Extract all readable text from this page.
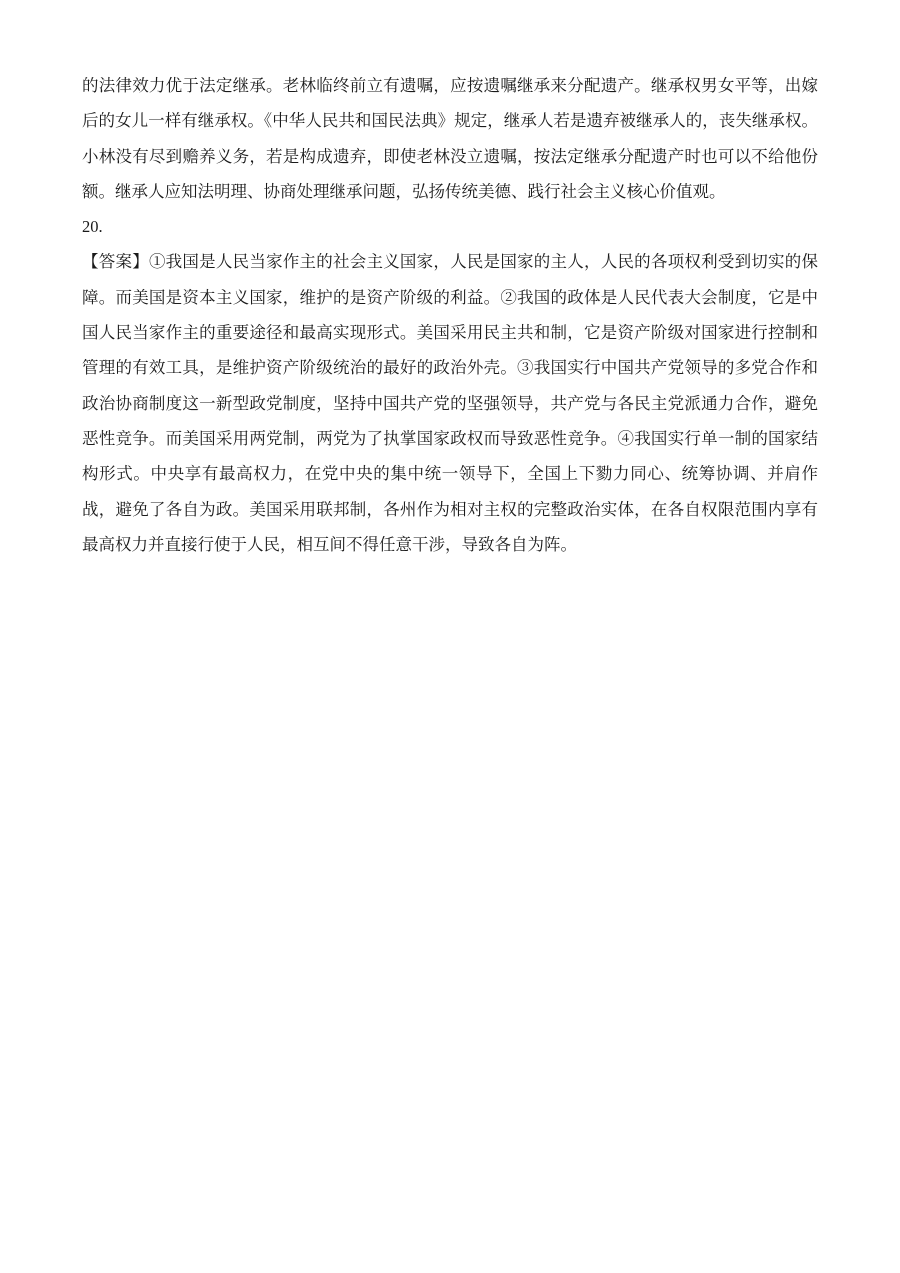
的法律效力优于法定继承。老林临终前立有遗嘱，应按遗嘱继承来分配遗产。继承权男女平等，出嫁后的女儿一样有继承权。《中华人民共和国民法典》规定，继承人若是遗弃被继承人的，丧失继承权。小林没有尽到赡养义务，若是构成遗弃，即使老林没立遗嘱，按法定继承分配遗产时也可以不给他份额。继承人应知法明理、协商处理继承问题，弘扬传统美德、践行社会主义核心价值观。

20.

【答案】①我国是人民当家作主的社会主义国家，人民是国家的主人，人民的各项权利受到切实的保障。而美国是资本主义国家，维护的是资产阶级的利益。②我国的政体是人民代表大会制度，它是中国人民当家作主的重要途径和最高实现形式。美国采用民主共和制，它是资产阶级对国家进行控制和管理的有效工具，是维护资产阶级统治的最好的政治外壳。③我国实行中国共产党领导的多党合作和政治协商制度这一新型政党制度，坚持中国共产党的坚强领导，共产党与各民主党派通力合作，避免恶性竞争。而美国采用两党制，两党为了执掌国家政权而导致恶性竞争。④我国实行单一制的国家结构形式。中央享有最高权力，在党中央的集中统一领导下，全国上下勠力同心、统筹协调、并肩作战，避免了各自为政。美国采用联邦制，各州作为相对主权的完整政治实体，在各自权限范围内享有最高权力并直接行使于人民，相互间不得任意干涉，导致各自为阵。
